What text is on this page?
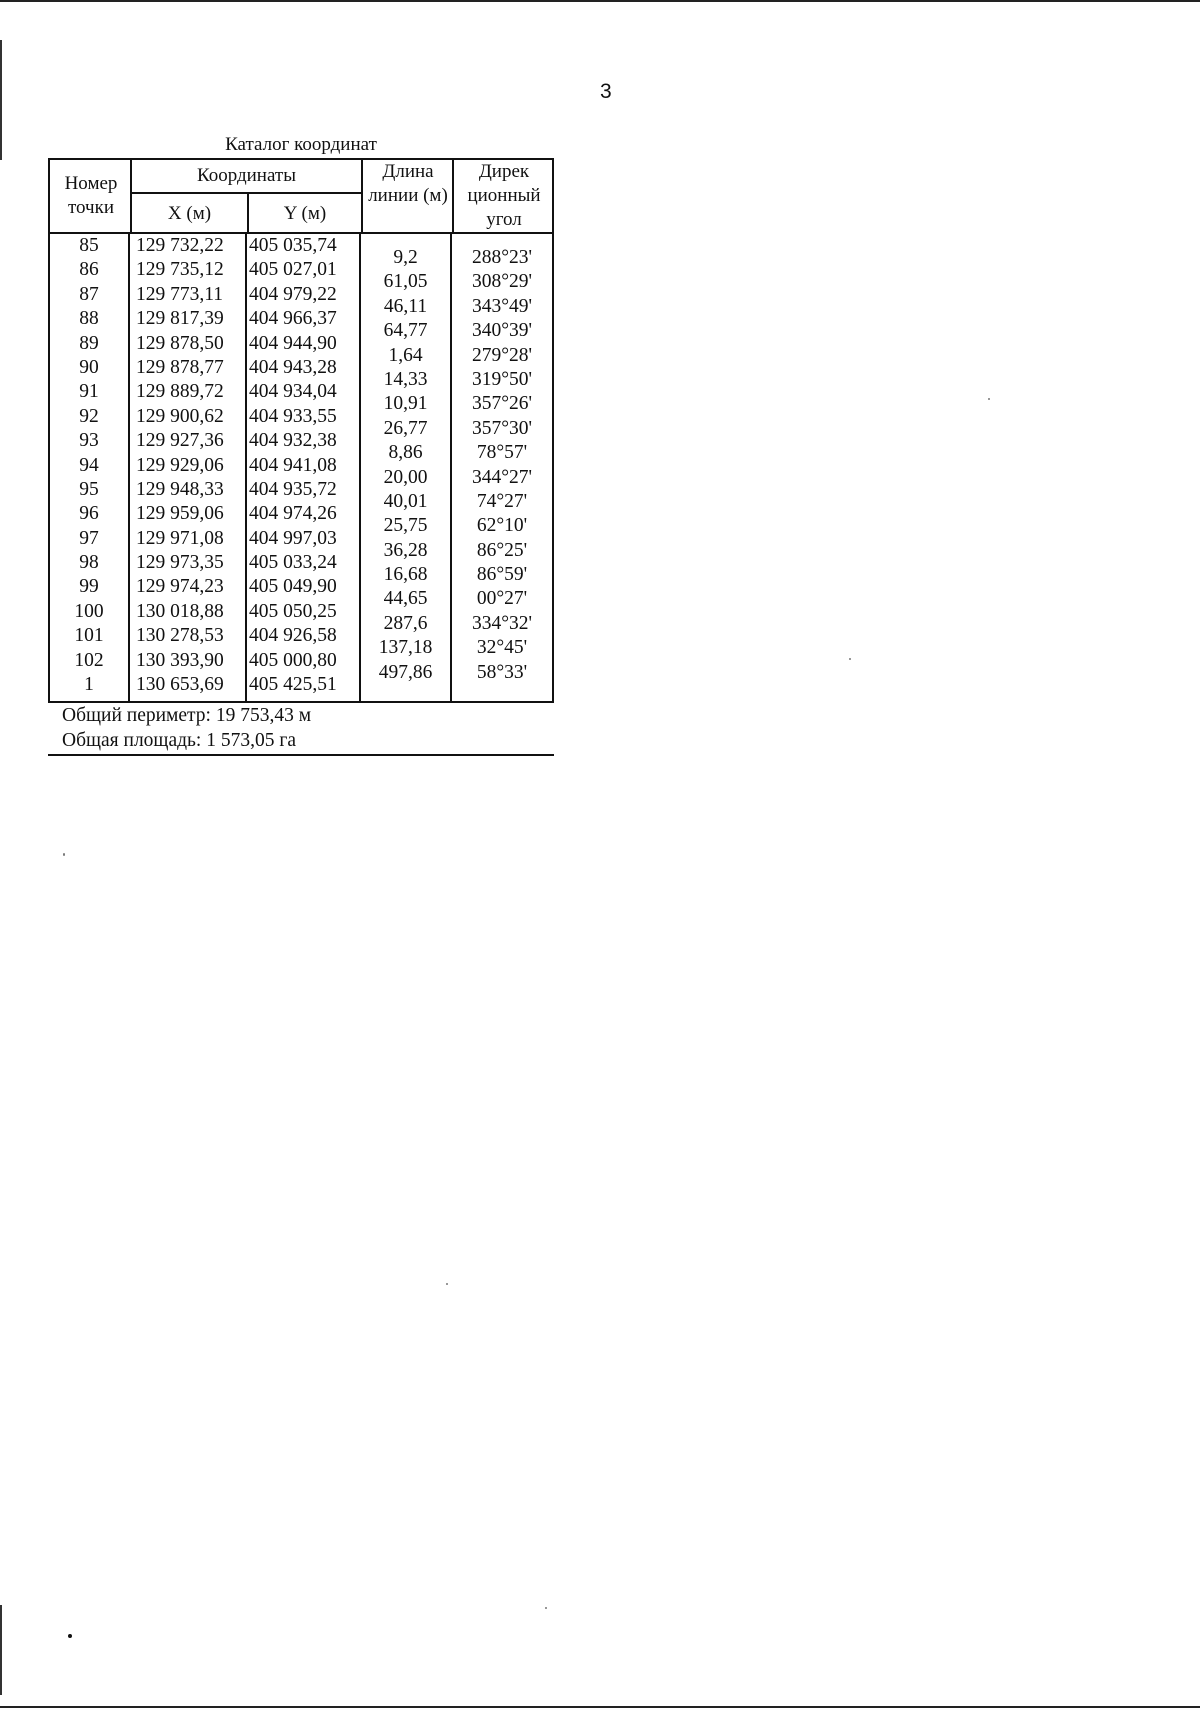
3
Каталог координат
Номер точки
Координаты
X (м)	Y (м)
Длина линии (м)
Дирек ционный угол
85
86
87
88
89
90
91
92
93
94
95
96
97
98
99
100
101
102
1
129 732,22
129 735,12
129 773,11
129 817,39
129 878,50
129 878,77
129 889,72
129 900,62
129 927,36
129 929,06
129 948,33
129 959,06
129 971,08
129 973,35
129 974,23
130 018,88
130 278,53
130 393,90
130 653,69
405 035,74
405 027,01
404 979,22
404 966,37
404 944,90
404 943,28
404 934,04
404 933,55
404 932,38
404 941,08
404 935,72
404 974,26
404 997,03
405 033,24
405 049,90
405 050,25
404 926,58
405 000,80
405 425,51
9,2
61,05
46,11
64,77
1,64
14,33
10,91
26,77
8,86
20,00
40,01
25,75
36,28
16,68
44,65
287,6
137,18
497,86
288°23'
308°29'
343°49'
340°39'
279°28'
319°50'
357°26'
357°30'
78°57'
344°27'
74°27'
62°10'
86°25'
86°59'
00°27'
334°32'
32°45'
58°33'
Общий периметр: 19 753,43 м
Общая площадь: 1 573,05 га
